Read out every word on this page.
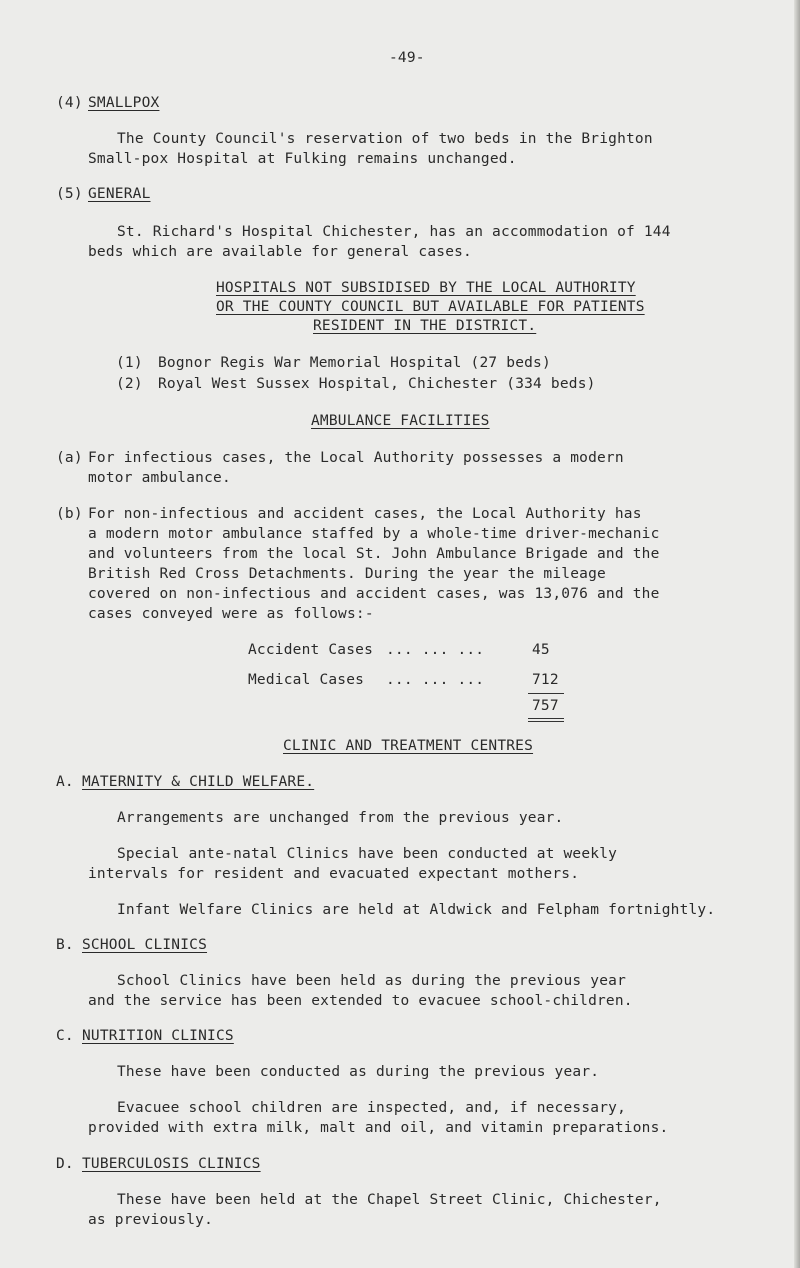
-49-
(4) SMALLPOX
The County Council's reservation of two beds in the Brighton
Small-pox Hospital at Fulking remains unchanged.
(5) GENERAL
St. Richard's Hospital Chichester, has an accommodation of 144
beds which are available for general cases.
HOSPITALS NOT SUBSIDISED BY THE LOCAL AUTHORITY
OR THE COUNTY COUNCIL BUT AVAILABLE FOR PATIENTS
RESIDENT IN THE DISTRICT.
(1) Bognor Regis War Memorial Hospital (27 beds)
(2) Royal West Sussex Hospital, Chichester (334 beds)
AMBULANCE FACILITIES
(a) For infectious cases, the Local Authority possesses a modern
motor ambulance.
(b) For non-infectious and accident cases, the Local Authority has
a modern motor ambulance staffed by a whole-time driver-mechanic
and volunteers from the local St. John Ambulance Brigade and the
British Red Cross Detachments. During the year the mileage
covered on non-infectious and accident cases, was 13,076 and the
cases conveyed were as follows:-
Accident Cases ... ... ...	45
Medical Cases ... ... ...	712
757
CLINIC AND TREATMENT CENTRES
A. MATERNITY & CHILD WELFARE.
Arrangements are unchanged from the previous year.
Special ante-natal Clinics have been conducted at weekly
intervals for resident and evacuated expectant mothers.
Infant Welfare Clinics are held at Aldwick and Felpham fortnightly.
B. SCHOOL CLINICS
School Clinics have been held as during the previous year
and the service has been extended to evacuee school-children.
C. NUTRITION CLINICS
These have been conducted as during the previous year.
Evacuee school children are inspected, and, if necessary,
provided with extra milk, malt and oil, and vitamin preparations.
D. TUBERCULOSIS CLINICS
These have been held at the Chapel Street Clinic, Chichester,
as previously.
